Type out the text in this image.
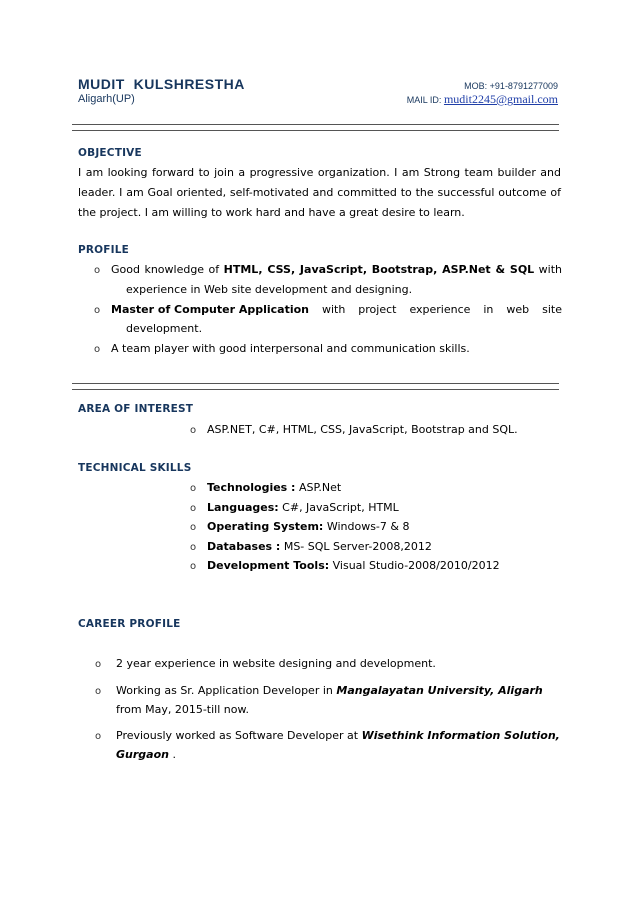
MUDIT  KULSHRESTHA
Aligarh(UP)
MOB: +91-8791277009
MAIL ID: mudit2245@gmail.com
OBJECTIVE
I am looking forward to join a progressive organization. I am Strong team builder and
leader. I am Goal oriented, self-motivated and committed to the successful outcome of
the project. I am willing to work hard and have a great desire to learn.
PROFILE
o Good knowledge of HTML, CSS, JavaScript, Bootstrap, ASP.Net & SQL with
experience in Web site development and designing.
o Master of Computer Application with project experience in web site
development.
o A team player with good interpersonal and communication skills.
AREA OF INTEREST
o ASP.NET, C#, HTML, CSS, JavaScript, Bootstrap and SQL.
TECHNICAL SKILLS
o Technologies : ASP.Net
o Languages: C#, JavaScript, HTML
o Operating System: Windows-7 & 8
o Databases : MS- SQL Server-2008,2012
o Development Tools: Visual Studio-2008/2010/2012
CAREER PROFILE
o 2 year experience in website designing and development.
o Working as Sr. Application Developer in Mangalayatan University, Aligarh
from May, 2015-till now.
o Previously worked as Software Developer at Wisethink Information Solution,
Gurgaon .
